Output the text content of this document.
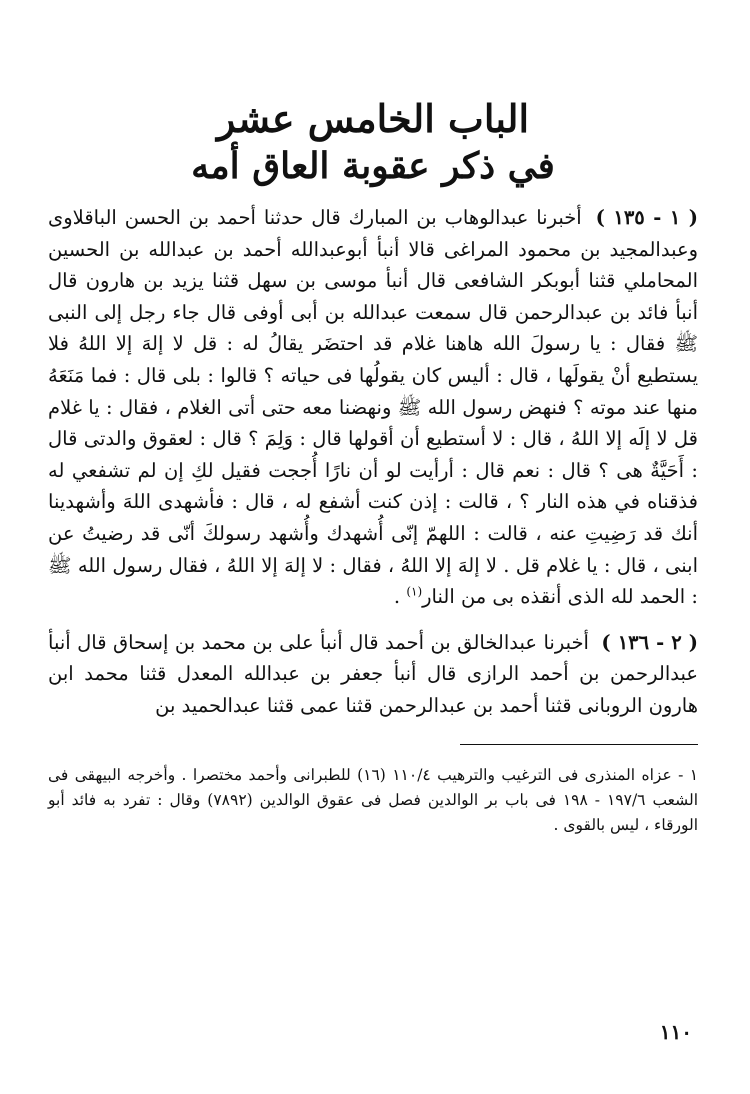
الباب الخامس عشر
في ذكر عقوبة العاق أمه

( ١ - ١٣٥ ) أخبرنا عبدالوهاب بن المبارك قال حدثنا أحمد بن الحسن الباقلاوى وعبدالمجيد بن محمود المراغى قالا أنبأ أبوعبدالله أحمد بن عبدالله بن الحسين المحاملي قثنا أبوبكر الشافعى قال أنبأ موسى بن سهل قثنا يزيد بن هارون قال أنبأ فائد بن عبدالرحمن قال سمعت عبدالله بن أبى أوفى قال جاء رجل إلى النبى ﷺ فقال : يا رسولَ الله هاهنا غلام قد احتضَر يقالُ له : قل لا إلهَ إلا اللهُ فلا يستطيع أنْ يقولَها ، قال : أليس كان يقولُها فى حياته ؟ قالوا : بلى قال : فما مَنَعَهُ منها عند موته ؟ فنهض رسول الله ﷺ ونهضنا معه حتى أتى الغلام ، فقال : يا غلام قل لا إلَه إلا اللهُ ، قال : لا أستطيع أن أقولها قال : وَلِمَ ؟ قال : لعقوق والدتى قال : أَحَيَّةٌ هى ؟ قال : نعم قال : أرأيت لو أن نارًا أُججت فقيل لكِ إن لم تشفعي له فذقناه في هذه النار ؟ ، قالت : إذن كنت أشفع له ، قال : فأشهدى اللهَ وأشهدينا أنك قد رَضِيتِ عنه ، قالت : اللهمّ إنّى أُشهدك وأُشهد رسولكَ أنّى قد رضيتُ عن ابنى ، قال : يا غلام قل . لا إلهَ إلا اللهُ ، فقال : لا إلهَ إلا اللهُ ، فقال رسول الله ﷺ : الحمد لله الذى أنقذه بى من النار$^{(١)}$ .

( ٢ - ١٣٦ ) أخبرنا عبدالخالق بن أحمد قال أنبأ على بن محمد بن إسحاق قال أنبأ عبدالرحمن بن أحمد الرازى قال أنبأ جعفر بن عبدالله المعدل قثنا محمد ابن هارون الروبانى قثنا أحمد بن عبدالرحمن قثنا عمى قثنا عبدالحميد بن

١ - عزاه المنذرى فى الترغيب والترهيب ١١٠/٤ (١٦) للطبرانى وأحمد مختصرا . وأخرجه البيهقى فى الشعب ١٩٧/٦ - ١٩٨ فى باب بر الوالدين فصل فى عقوق الوالدين (٧٨٩٢) وقال : تفرد به فائد أبو الورقاء ، ليس بالقوى .

١١٠
